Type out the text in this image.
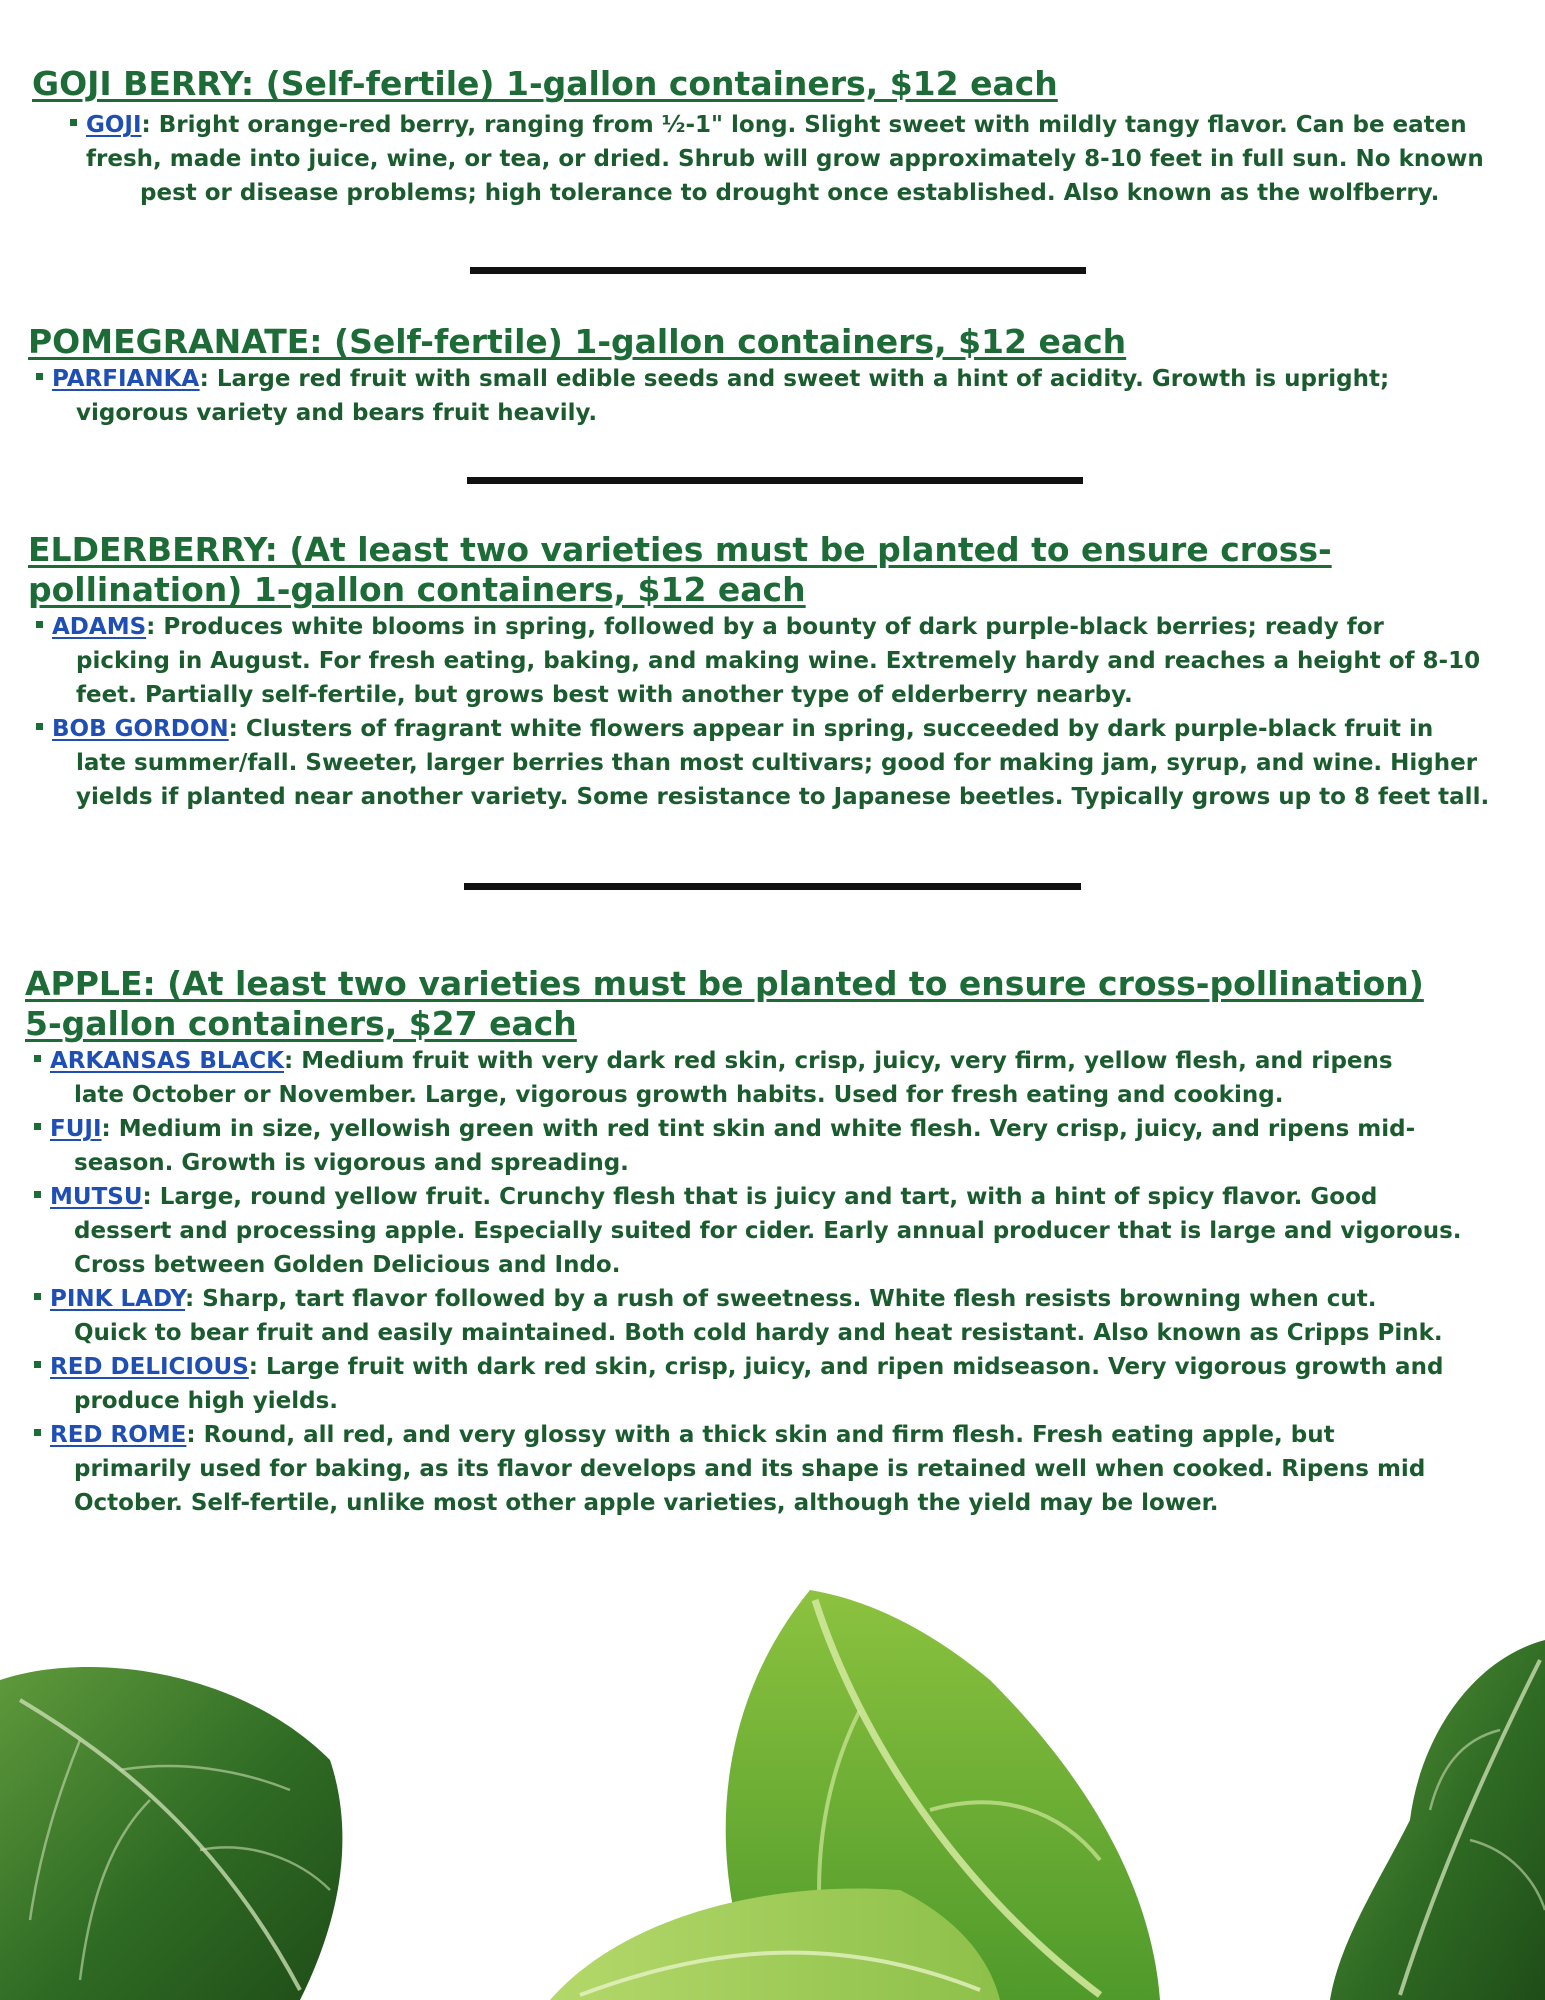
GOJI BERRY: (Self-fertile) 1-gallon containers, $12 each
GOJI: Bright orange-red berry, ranging from ½-1" long. Slight sweet with mildly tangy flavor. Can be eaten
fresh, made into juice, wine, or tea, or dried. Shrub will grow approximately 8-10 feet in full sun. No known
pest or disease problems; high tolerance to drought once established. Also known as the wolfberry.
POMEGRANATE: (Self-fertile) 1-gallon containers, $12 each
PARFIANKA: Large red fruit with small edible seeds and sweet with a hint of acidity. Growth is upright;
vigorous variety and bears fruit heavily.
ELDERBERRY: (At least two varieties must be planted to ensure cross-
pollination) 1-gallon containers, $12 each
ADAMS: Produces white blooms in spring, followed by a bounty of dark purple-black berries; ready for
picking in August. For fresh eating, baking, and making wine. Extremely hardy and reaches a height of 8-10
feet. Partially self-fertile, but grows best with another type of elderberry nearby.
BOB GORDON: Clusters of fragrant white flowers appear in spring, succeeded by dark purple-black fruit in
late summer/fall. Sweeter, larger berries than most cultivars; good for making jam, syrup, and wine. Higher
yields if planted near another variety. Some resistance to Japanese beetles. Typically grows up to 8 feet tall.
APPLE: (At least two varieties must be planted to ensure cross-pollination)
5-gallon containers, $27 each
ARKANSAS BLACK: Medium fruit with very dark red skin, crisp, juicy, very firm, yellow flesh, and ripens
late October or November. Large, vigorous growth habits. Used for fresh eating and cooking.
FUJI: Medium in size, yellowish green with red tint skin and white flesh. Very crisp, juicy, and ripens mid-
season. Growth is vigorous and spreading.
MUTSU: Large, round yellow fruit. Crunchy flesh that is juicy and tart, with a hint of spicy flavor. Good
dessert and processing apple. Especially suited for cider. Early annual producer that is large and vigorous.
Cross between Golden Delicious and Indo.
PINK LADY: Sharp, tart flavor followed by a rush of sweetness. White flesh resists browning when cut.
Quick to bear fruit and easily maintained. Both cold hardy and heat resistant. Also known as Cripps Pink.
RED DELICIOUS: Large fruit with dark red skin, crisp, juicy, and ripen midseason. Very vigorous growth and
produce high yields.
RED ROME: Round, all red, and very glossy with a thick skin and firm flesh. Fresh eating apple, but
primarily used for baking, as its flavor develops and its shape is retained well when cooked. Ripens mid
October. Self-fertile, unlike most other apple varieties, although the yield may be lower.
